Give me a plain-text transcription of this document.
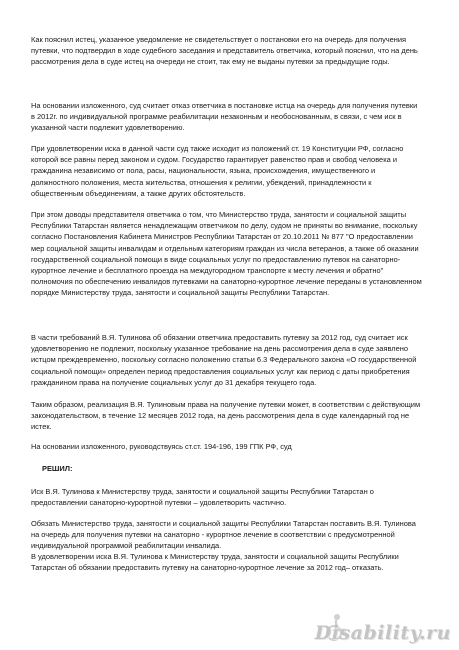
Как пояснил истец, указанное уведомление не свидетельствует о постановки его на очередь для получения путевки, что подтвердил в ходе судебного заседания и представитель ответчика, который пояснил, что на день рассмотрения дела в суде истец на очереди не стоит, так ему не выданы путевки за предыдущие годы.

На основании изложенного, суд считает отказ ответчика в постановке истца на очередь для получения путевки в 2012г. по индивидуальной программе реабилитации незаконным и необоснованным, в связи, с чем иск в указанной части подлежит удовлетворению.

При удовлетворении иска в данной части суд также исходит из положений ст. 19 Конституции РФ, согласно которой все равны перед законом и судом. Государство гарантирует равенство прав и свобод человека и гражданина независимо от пола, расы, национальности, языка, происхождения, имущественного и должностного положения, места жительства, отношения к религии, убеждений, принадлежности к общественным объединениям, а также других обстоятельств.

При этом доводы представителя ответчика о том, что Министерство труда, занятости и социальной защиты Республики Татарстан является ненадлежащим ответчиком по делу, судом не приняты во внимание, поскольку согласно Постановления Кабинета Министров Республики Татарстан от 20.10.2011 № 877 "О предоставлении мер социальной защиты инвалидам и отдельным категориям граждан из числа ветеранов, а также об оказании государственной социальной помощи в виде социальных услуг по предоставлению путевок на санаторно-курортное лечение и бесплатного проезда на междугородном транспорте к месту лечения и обратно" полномочия по обеспечению инвалидов путевками на санаторно-курортное лечение переданы в установленном порядке Министерству труда, занятости и социальной защиты Республики Татарстан.

В части требований В.Я. Тулинова об обязании ответчика предоставить путевку за 2012 год, суд считает иск удовлетворению не подлежит, поскольку указанное требование на день рассмотрения дела в суде заявлено истцом преждевременно, поскольку согласно положению статьи 6.3 Федерального закона «О государственной социальной помощи» определен период предоставления социальных услуг как период с даты приобретения гражданином права на получение социальных услуг до 31 декабря текущего года.

Таким образом, реализация В.Я. Тулиновым права на получение путевки может, в соответствии с действующим законодательством, в течение 12 месяцев 2012 года, на день рассмотрения дела в суде календарный год не истек.

На основании изложенного, руководствуясь ст.ст. 194-196, 199 ГПК РФ, суд

РЕШИЛ:

Иск В.Я. Тулинова к Министерству труда, занятости и социальной защиты Республики Татарстан о предоставлении санаторно-курортной путевки – удовлетворить частично.

Обязать Министерство труда, занятости и социальной защиты Республики Татарстан поставить В.Я. Тулинова на очередь для получения путевки на санаторно - курортное лечение в соответствии с предусмотренной индивидуальной программой реабилитации инвалида.

В удовлетворении иска В.Я. Тулинова к Министерству труда, занятости и социальной защиты Республики Татарстан об обязании предоставить путевку на санаторно-курортное лечение за 2012 год– отказать.

Disability.ru
